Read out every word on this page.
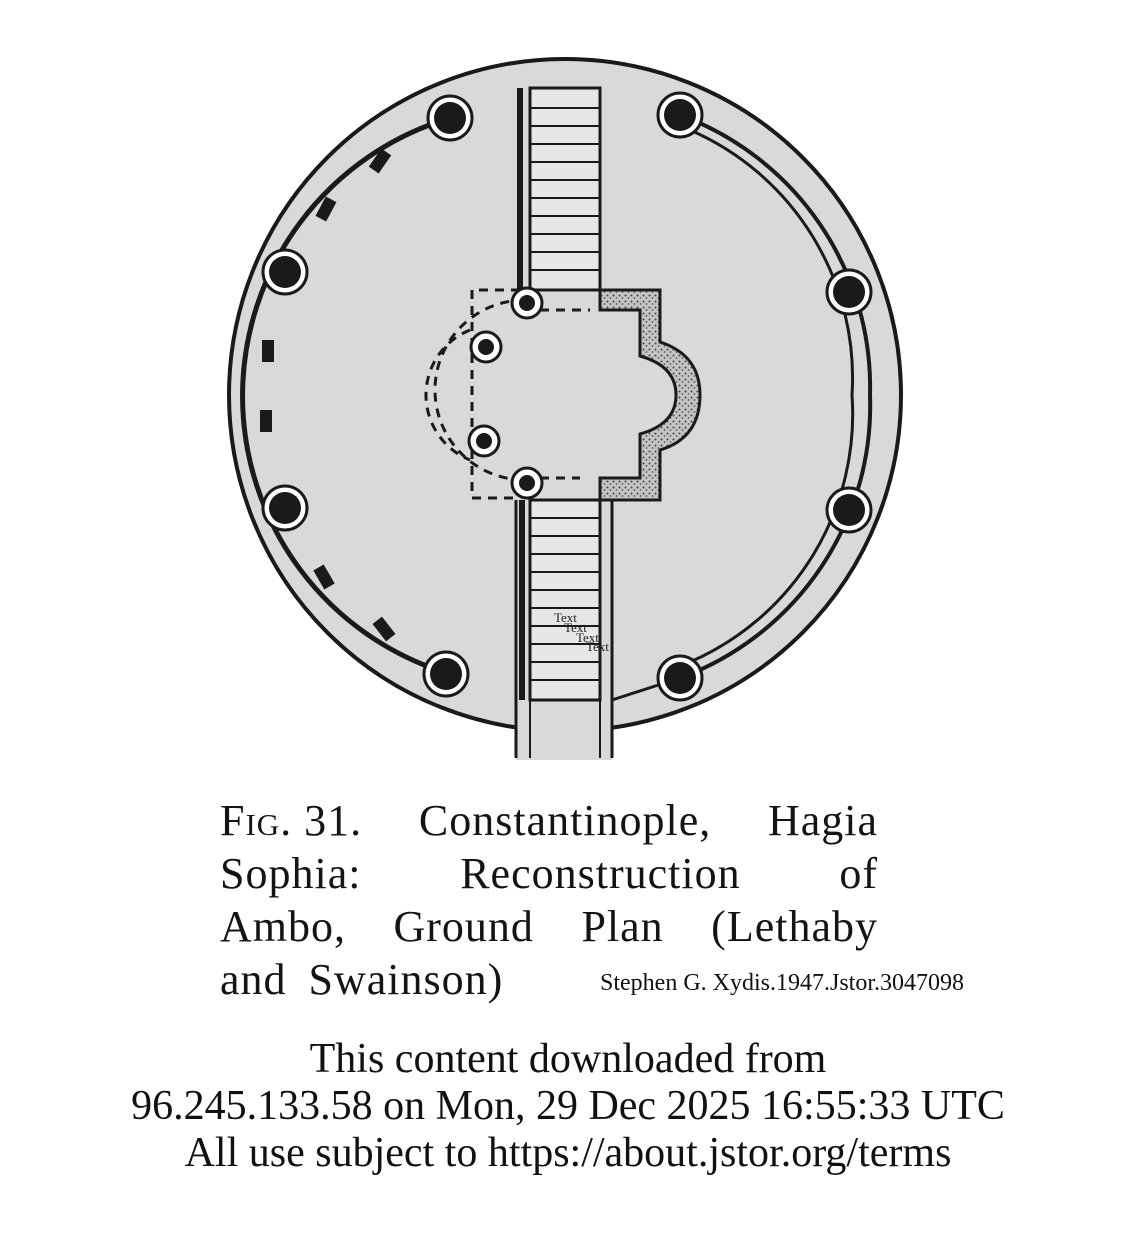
Text
Text
Text
Text
Fig. 31. Constantinople, Hagia
Sophia: Reconstruction of
Ambo, Ground Plan (Lethaby
and Swainson)	Stephen G. Xydis.1947.Jstor.3047098
This content downloaded from
96.245.133.58 on Mon, 29 Dec 2025 16:55:33 UTC
All use subject to https://about.jstor.org/terms
